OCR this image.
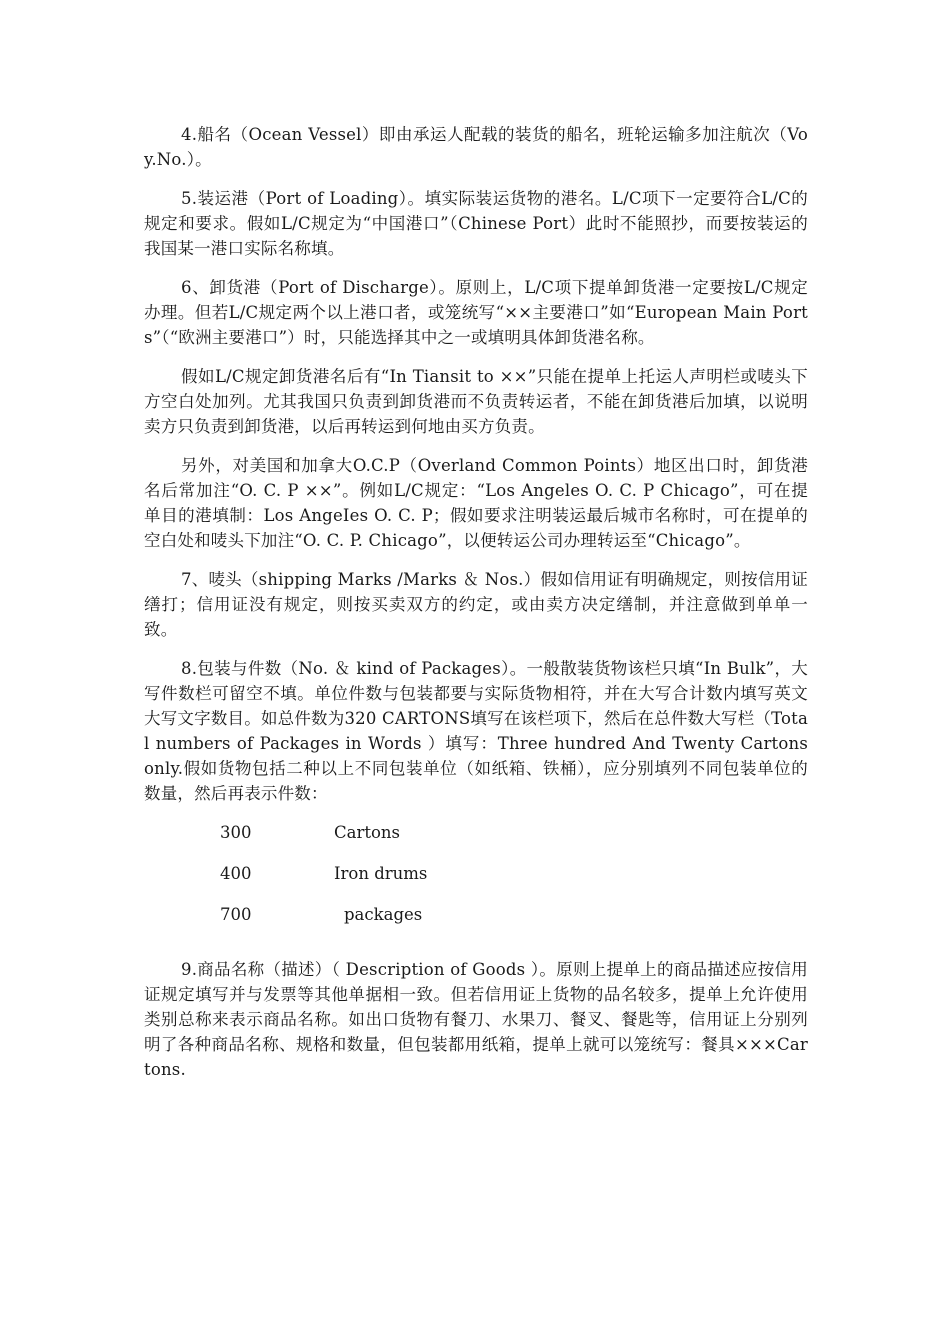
4.船名（Ocean Vessel）即由承运人配载的装货的船名，班轮运输多加注航次（Voy.No.）。

5.装运港（Port of Loading）。填实际装运货物的港名。L/C项下一定要符合L/C的规定和要求。假如L/C规定为“中国港口”（Chinese Port）此时不能照抄，而要按装运的我国某一港口实际名称填。

6、卸货港（Port of Discharge）。原则上，L/C项下提单卸货港一定要按L/C规定办理。但若L/C规定两个以上港口者，或笼统写“××主要港口”如“European Main Ports”（“欧洲主要港口”）时，只能选择其中之一或填明具体卸货港名称。

假如L/C规定卸货港名后有“In Tiansit to ××”只能在提单上托运人声明栏或唛头下方空白处加列。尤其我国只负责到卸货港而不负责转运者，不能在卸货港后加填，以说明卖方只负责到卸货港，以后再转运到何地由买方负责。

另外，对美国和加拿大O.C.P（Overland Common Points）地区出口时，卸货港名后常加注“O. C. P ××”。例如L/C规定：“Los Angeles O. C. P Chicago”，可在提单目的港填制：Los AngeIes O. C. P；假如要求注明装运最后城市名称时，可在提单的空白处和唛头下加注“O. C. P. Chicago”，以便转运公司办理转运至“Chicago”。

7、唛头（shipping Marks /Marks ＆ Nos.）假如信用证有明确规定，则按信用证缮打；信用证没有规定，则按买卖双方的约定，或由卖方决定缮制，并注意做到单单一致。

8.包装与件数（No. ＆ kind of Packages）。一般散装货物该栏只填“In Bulk”，大写件数栏可留空不填。单位件数与包装都要与实际货物相符，并在大写合计数内填写英文大写文字数目。如总件数为320 CARTONS填写在该栏项下，然后在总件数大写栏（Total numbers of Packages in Words ）填写：Three hundred And Twenty Cartons only.假如货物包括二种以上不同包装单位（如纸箱、铁桶），应分别填列不同包装单位的数量，然后再表示件数：

300	Cartons
400	Iron drums
700	packages

9.商品名称（描述）（ Description of Goods ）。原则上提单上的商品描述应按信用证规定填写并与发票等其他单据相一致。但若信用证上货物的品名较多，提单上允许使用类别总称来表示商品名称。如出口货物有餐刀、水果刀、餐叉、餐匙等，信用证上分别列明了各种商品名称、规格和数量，但包装都用纸箱，提单上就可以笼统写：餐具×××Cartons.
